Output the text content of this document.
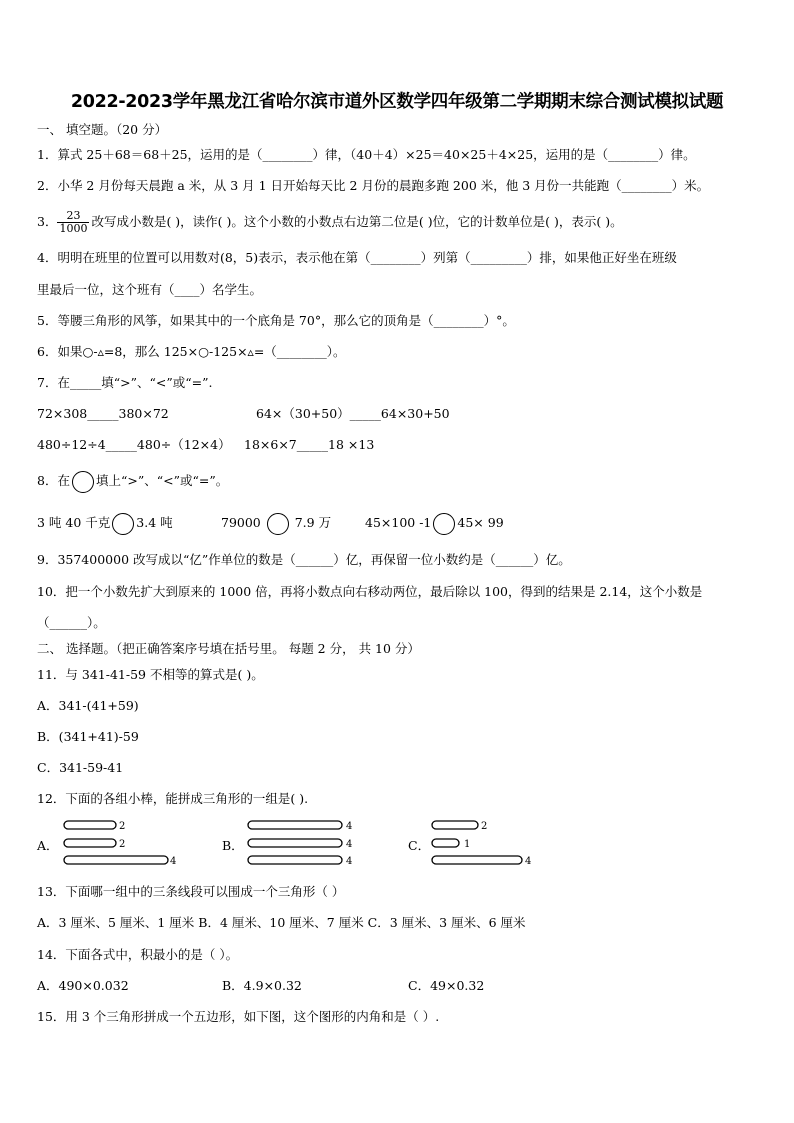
2022-2023学年黑龙江省哈尔滨市道外区数学四年级第二学期期末综合测试模拟试题
一、 填空题。（20 分）
1．算式 25＋68＝68＋25，运用的是（________）律，（40＋4）×25＝40×25＋4×25，运用的是（________）律。
2．小华 2 月份每天晨跑 a 米，从 3 月 1 日开始每天比 2 月份的晨跑多跑 200 米，他 3 月份一共能跑（________）米。
3． $\frac{23}{1000}$ 改写成小数是( )，读作( )。这个小数的小数点右边第二位是( )位，它的计数单位是( )，表示( )。
4．明明在班里的位置可以用数对(8，5)表示，表示他在第（________）列第（_________）排，如果他正好坐在班级
里最后一位，这个班有（____）名学生。
5．等腰三角形的风筝，如果其中的一个底角是 70°，那么它的顶角是（________）°。
6．如果○-▵=8，那么 125×○-125×▵=（________）。
7．在_____填“>”、“<”或“=”.
72×308_____380×72	64×（30+50）_____64×30+50
480÷12÷4_____480÷（12×4） 18×6×7_____18 ×13
8．在 填上“>”、“<”或“=”。
3 吨 40 千克 3.4 吨	79000	7.9 万	45×100 -1 45× 99
9．357400000 改写成以“亿”作单位的数是（______）亿，再保留一位小数约是（______）亿。
10．把一个小数先扩大到原来的 1000 倍，再将小数点向右移动两位，最后除以 100，得到的结果是 2.14，这个小数是
（______）。
二、 选择题。（把正确答案序号填在括号里。 每题 2 分， 共 10 分）
11．与 341-41-59 不相等的算式是( )。
A．341-(41+59)
B．(341+41)-59
C．341-59-41
12．下面的各组小棒，能拼成三角形的一组是( ).
A．
2
2
4
B．
4
4
4
C．
2
1
4
13．下面哪一组中的三条线段可以围成一个三角形（ ）
A．3 厘米、5 厘米、1 厘米 B．4 厘米、10 厘米、7 厘米 C．3 厘米、3 厘米、6 厘米
14．下面各式中，积最小的是（ ）。
A．490×0.032	B．4.9×0.32	C．49×0.32
15．用 3 个三角形拼成一个五边形，如下图，这个图形的内角和是（ ）.
